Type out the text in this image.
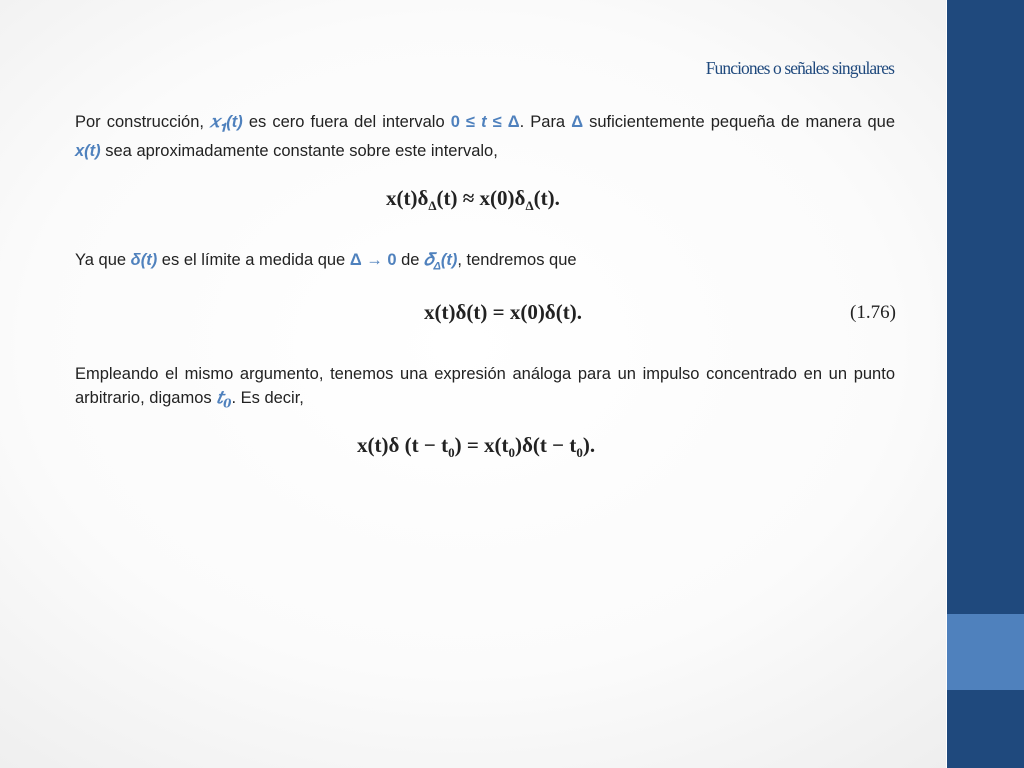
Funciones o señales singulares
Por construcción, 𝑥$_𝟏$(t) es cero fuera del intervalo 0 ≤ t ≤ Δ. Para Δ suficientemente pequeña de manera que x(t) sea aproximadamente constante sobre este intervalo,
$x(t)\delta_\Delta(t) \approx x(0)\delta_\Delta(t)$.
Ya que δ(t) es el límite a medida que Δ → 0 de 𝛿$_\Delta$(t), tendremos que
x(t)δ(t) = x(0)δ(t).	(1.76)
Empleando el mismo argumento, tenemos una expresión análoga para un impulso concentrado en un punto arbitrario, digamos 𝑡$_0$. Es decir,
x(t)δ $(t - t_0) = x(t_0)\delta(t - t_0)$.
